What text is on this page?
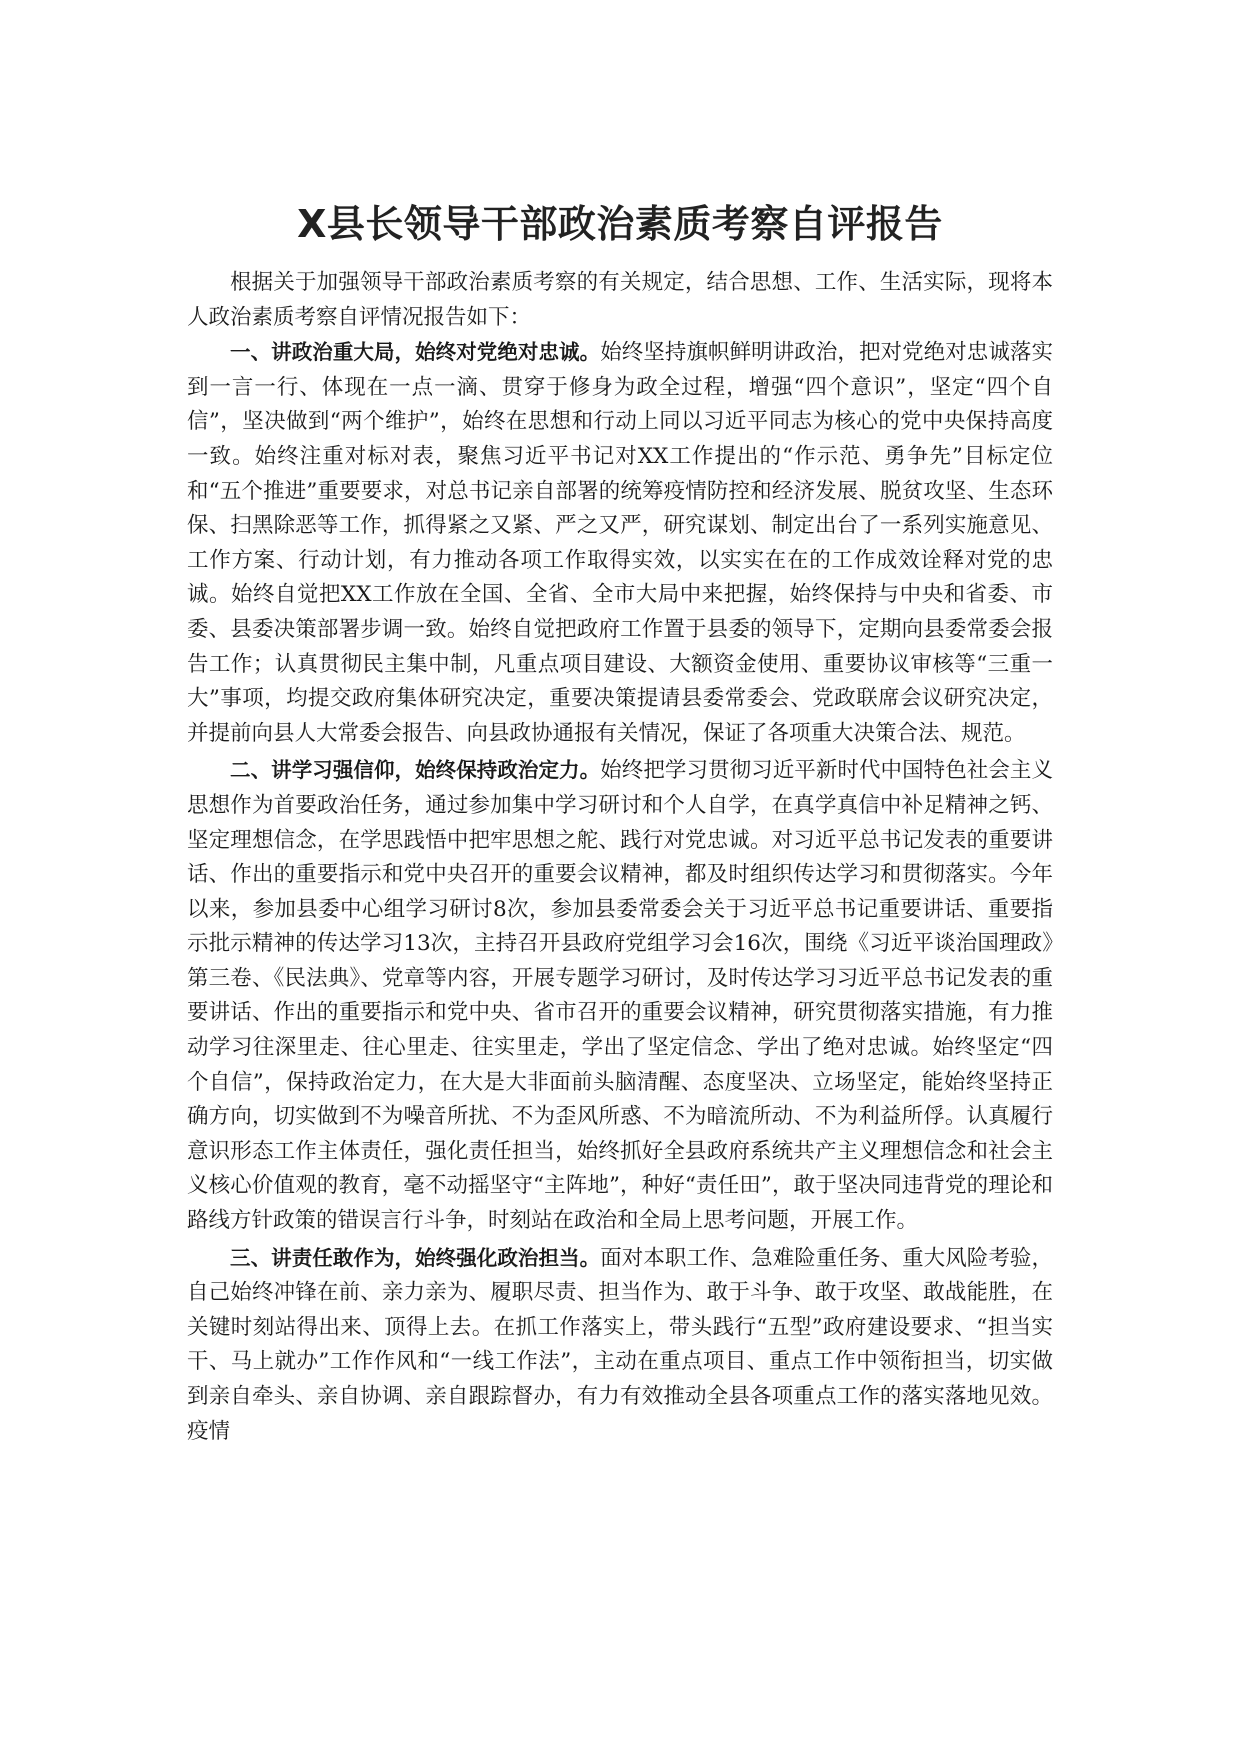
X县长领导干部政治素质考察自评报告

根据关于加强领导干部政治素质考察的有关规定，结合思想、工作、生活实际，现将本人政治素质考察自评情况报告如下：

一、讲政治重大局，始终对党绝对忠诚。始终坚持旗帜鲜明讲政治，把对党绝对忠诚落实到一言一行、体现在一点一滴、贯穿于修身为政全过程，增强“四个意识”，坚定“四个自信”，坚决做到“两个维护”，始终在思想和行动上同以习近平同志为核心的党中央保持高度一致。始终注重对标对表，聚焦习近平书记对XX工作提出的“作示范、勇争先”目标定位和“五个推进”重要要求，对总书记亲自部署的统筹疫情防控和经济发展、脱贫攻坚、生态环保、扫黑除恶等工作，抓得紧之又紧、严之又严，研究谋划、制定出台了一系列实施意见、工作方案、行动计划，有力推动各项工作取得实效，以实实在在的工作成效诠释对党的忠诚。始终自觉把XX工作放在全国、全省、全市大局中来把握，始终保持与中央和省委、市委、县委决策部署步调一致。始终自觉把政府工作置于县委的领导下，定期向县委常委会报告工作；认真贯彻民主集中制，凡重点项目建设、大额资金使用、重要协议审核等“三重一大”事项，均提交政府集体研究决定，重要决策提请县委常委会、党政联席会议研究决定，并提前向县人大常委会报告、向县政协通报有关情况，保证了各项重大决策合法、规范。

二、讲学习强信仰，始终保持政治定力。始终把学习贯彻习近平新时代中国特色社会主义思想作为首要政治任务，通过参加集中学习研讨和个人自学，在真学真信中补足精神之钙、坚定理想信念，在学思践悟中把牢思想之舵、践行对党忠诚。对习近平总书记发表的重要讲话、作出的重要指示和党中央召开的重要会议精神，都及时组织传达学习和贯彻落实。今年以来，参加县委中心组学习研讨8次，参加县委常委会关于习近平总书记重要讲话、重要指示批示精神的传达学习13次，主持召开县政府党组学习会16次，围绕《习近平谈治国理政》第三卷、《民法典》、党章等内容，开展专题学习研讨，及时传达学习习近平总书记发表的重要讲话、作出的重要指示和党中央、省市召开的重要会议精神，研究贯彻落实措施，有力推动学习往深里走、往心里走、往实里走，学出了坚定信念、学出了绝对忠诚。始终坚定“四个自信”，保持政治定力，在大是大非面前头脑清醒、态度坚决、立场坚定，能始终坚持正确方向，切实做到不为噪音所扰、不为歪风所惑、不为暗流所动、不为利益所俘。认真履行意识形态工作主体责任，强化责任担当，始终抓好全县政府系统共产主义理想信念和社会主义核心价值观的教育，毫不动摇坚守“主阵地”，种好“责任田”，敢于坚决同违背党的理论和路线方针政策的错误言行斗争，时刻站在政治和全局上思考问题，开展工作。

三、讲责任敢作为，始终强化政治担当。面对本职工作、急难险重任务、重大风险考验，自己始终冲锋在前、亲力亲为、履职尽责、担当作为、敢于斗争、敢于攻坚、敢战能胜，在关键时刻站得出来、顶得上去。在抓工作落实上，带头践行“五型”政府建设要求、“担当实干、马上就办”工作作风和“一线工作法”，主动在重点项目、重点工作中领衔担当，切实做到亲自牵头、亲自协调、亲自跟踪督办，有力有效推动全县各项重点工作的落实落地见效。疫情
